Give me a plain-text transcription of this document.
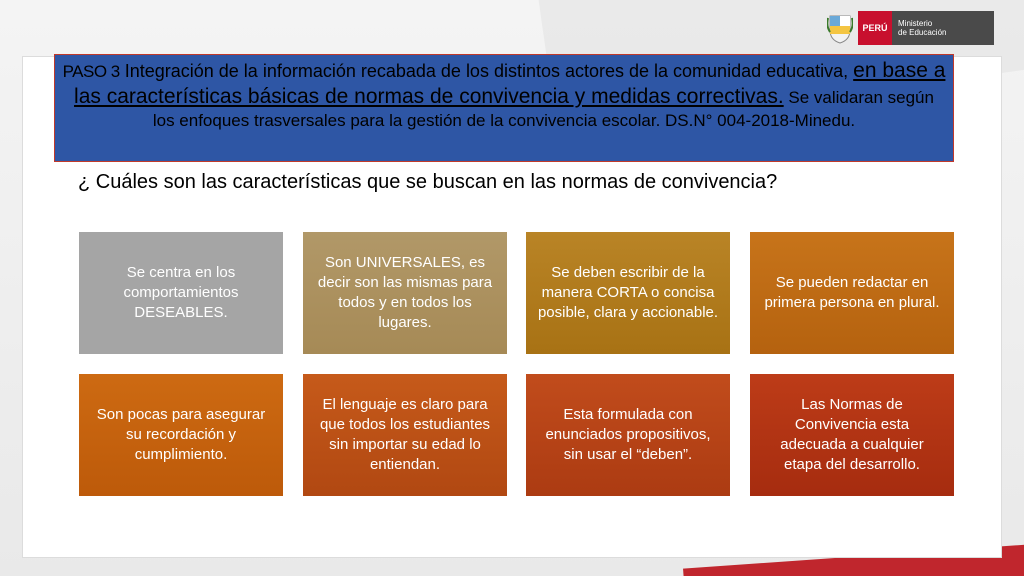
PERÚ	Ministerio
de Educación
PASO 3 Integración de la información recabada de los distintos actores de la comunidad educativa, en base a las características básicas de normas de convivencia y medidas correctivas. Se validaran según los enfoques trasversales para la gestión de la convivencia escolar. DS.N° 004-2018-Minedu.
¿ Cuáles son las características que se buscan en las normas de convivencia?
Se centra en los comportamientos DESEABLES.
Son UNIVERSALES, es decir son las mismas para todos y en todos los lugares.
Se deben escribir de la manera CORTA o concisa posible, clara y accionable.
Se pueden redactar en primera persona en plural.
Son pocas para asegurar su recordación y cumplimiento.
El lenguaje es claro para que todos los estudiantes sin importar su edad lo entiendan.
Esta formulada con enunciados propositivos, sin usar el “deben”.
Las Normas de Convivencia esta adecuada a cualquier etapa del desarrollo.
